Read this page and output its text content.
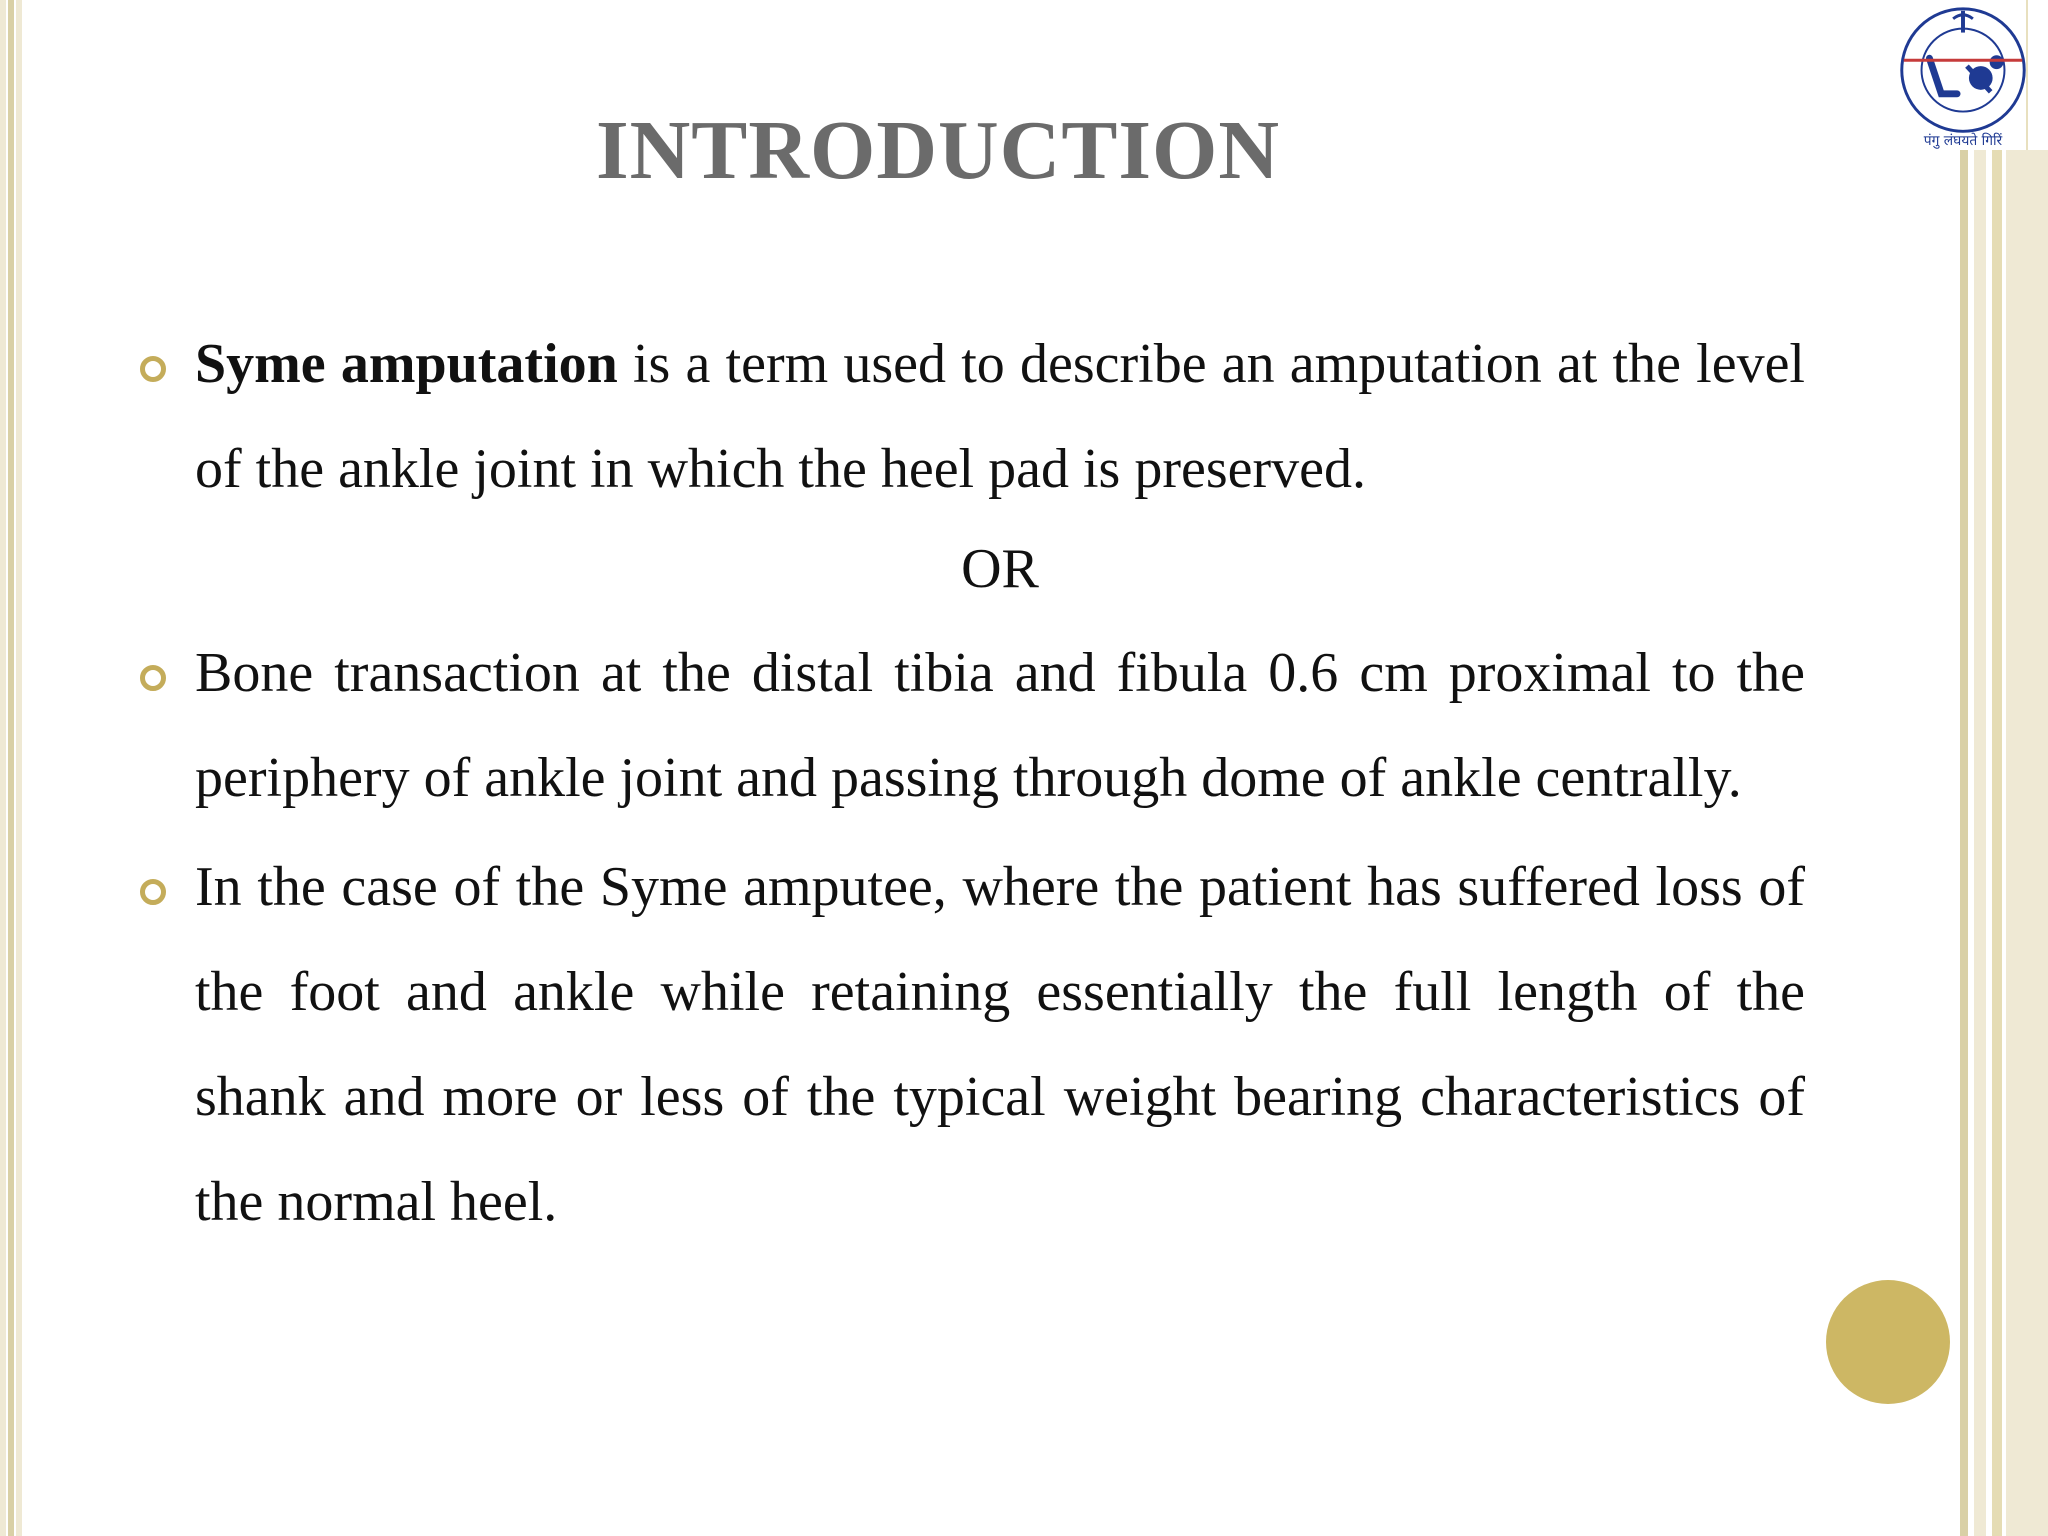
पंगु लंघयते गिरिं
INTRODUCTION

Syme amputation is a term used to describe an amputation at the level of the ankle joint in which the heel pad is preserved.

OR

Bone transaction at the distal tibia and fibula 0.6 cm proximal to the periphery of ankle joint and passing through dome of ankle centrally.

In the case of the Syme amputee, where the patient has suffered loss of the foot and ankle while retaining essentially the full length of the shank and more or less of the typical weight bearing characteristics of the normal heel.
